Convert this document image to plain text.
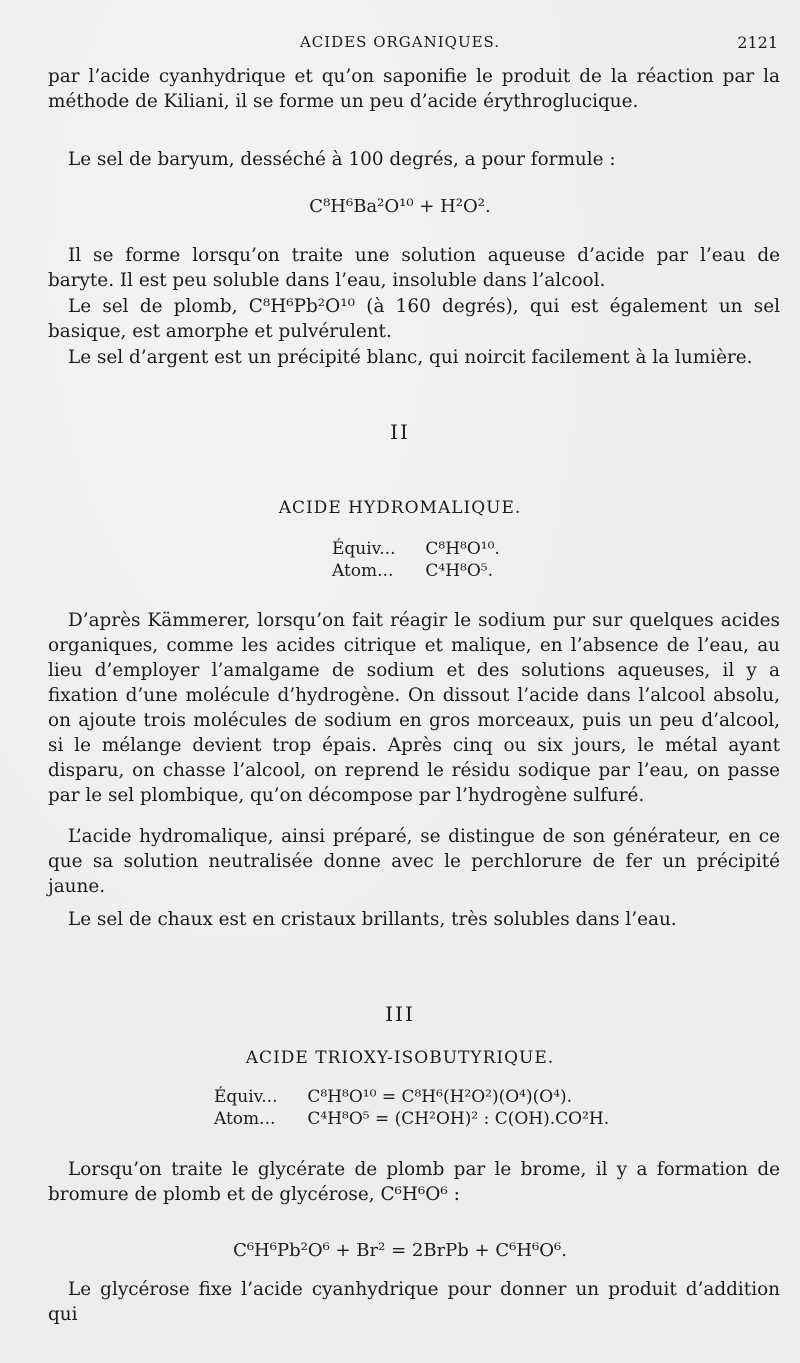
ACIDES ORGANIQUES.	2121

par l’acide cyanhydrique et qu’on saponifie le produit de la réaction par la méthode de Kiliani, il se forme un peu d’acide érythroglucique.

Le sel de baryum, desséché à 100 degrés, a pour formule :

C⁸H⁶Ba²O¹⁰ + H²O².

Il se forme lorsqu’on traite une solution aqueuse d’acide par l’eau de baryte. Il est peu soluble dans l’eau, insoluble dans l’alcool.

Le sel de plomb, C⁸H⁶Pb²O¹⁰ (à 160 degrés), qui est également un sel basique, est amorphe et pulvérulent.

Le sel d’argent est un précipité blanc, qui noircit facilement à la lumière.

II

ACIDE HYDROMALIQUE.

Équiv... C⁸H⁸O¹⁰.
Atom... C⁴H⁸O⁵.

D’après Kämmerer, lorsqu’on fait réagir le sodium pur sur quelques acides organiques, comme les acides citrique et malique, en l’absence de l’eau, au lieu d’employer l’amalgame de sodium et des solutions aqueuses, il y a fixation d’une molécule d’hydrogène. On dissout l’acide dans l’alcool absolu, on ajoute trois molécules de sodium en gros morceaux, puis un peu d’alcool, si le mélange devient trop épais. Après cinq ou six jours, le métal ayant disparu, on chasse l’alcool, on reprend le résidu sodique par l’eau, on passe par le sel plombique, qu’on décompose par l’hydrogène sulfuré.

L’acide hydromalique, ainsi préparé, se distingue de son générateur, en ce que sa solution neutralisée donne avec le perchlorure de fer un précipité jaune.

Le sel de chaux est en cristaux brillants, très solubles dans l’eau.

III

ACIDE TRIOXY-ISOBUTYRIQUE.

Équiv... C⁸H⁸O¹⁰ = C⁸H⁶(H²O²)(O⁴)(O⁴).
Atom... C⁴H⁸O⁵ = (CH²OH)² : C(OH).CO²H.

Lorsqu’on traite le glycérate de plomb par le brome, il y a formation de bromure de plomb et de glycérose, C⁶H⁶O⁶ :

C⁶H⁶Pb²O⁶ + Br² = 2BrPb + C⁶H⁶O⁶.

Le glycérose fixe l’acide cyanhydrique pour donner un produit d’addition qui
